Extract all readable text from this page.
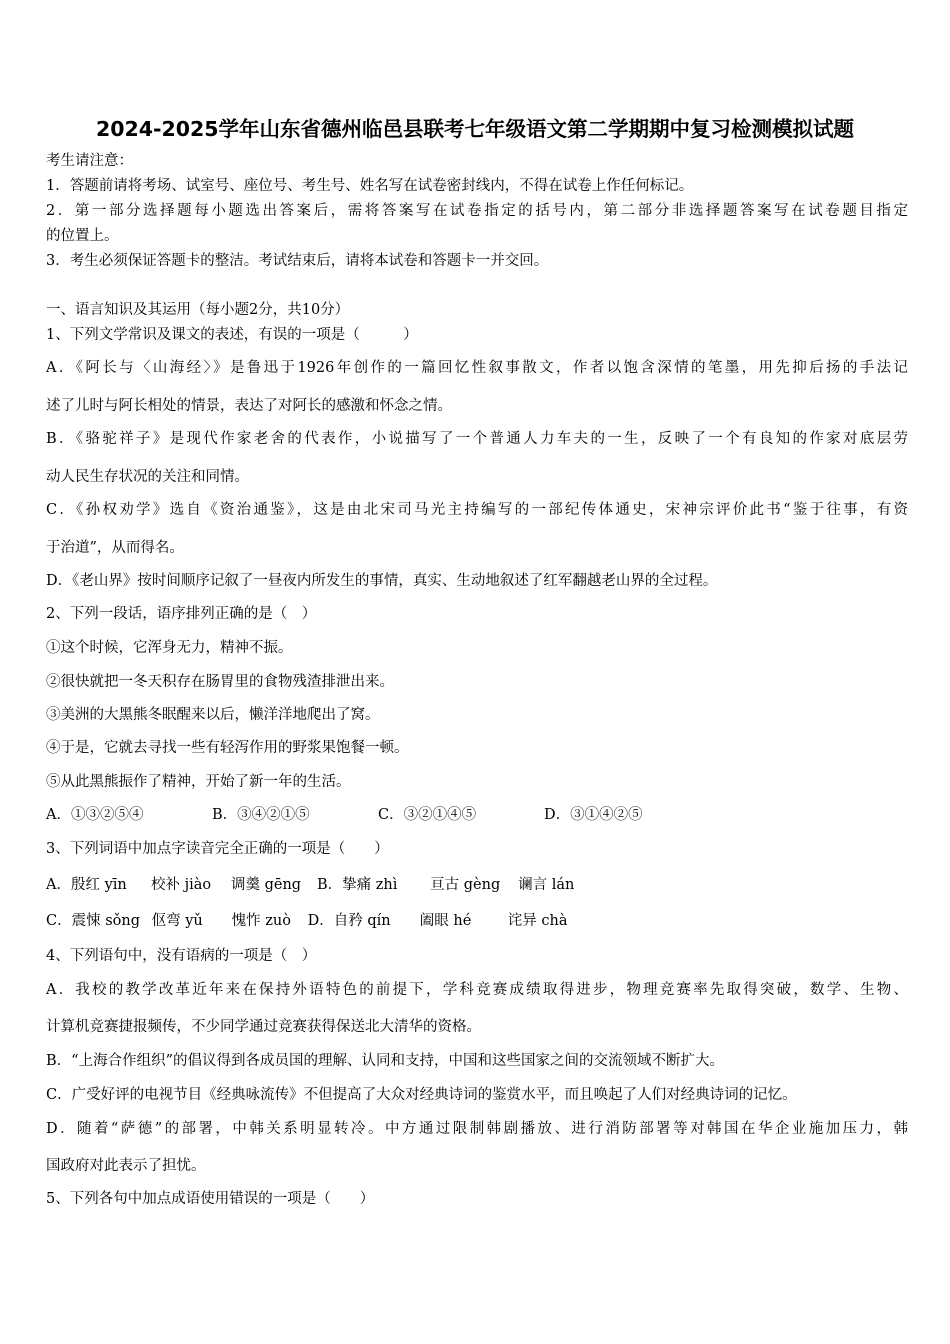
2024-2025学年山东省德州临邑县联考七年级语文第二学期期中复习检测模拟试题
考生请注意：
1．答题前请将考场、试室号、座位号、考生号、姓名写在试卷密封线内，不得在试卷上作任何标记。
2．第一部分选择题每小题选出答案后，需将答案写在试卷指定的括号内，第二部分非选择题答案写在试卷题目指定
的位置上。
3．考生必须保证答题卡的整洁。考试结束后，请将本试卷和答题卡一并交回。
一、语言知识及其运用（每小题2分，共10分）
1、下列文学常识及课文的表述，有误的一项是（　　　）
A．《阿长与〈山海经〉》是鲁迅于1926年创作的一篇回忆性叙事散文，作者以饱含深情的笔墨，用先抑后扬的手法记
述了儿时与阿长相处的情景，表达了对阿长的感激和怀念之情。
B．《骆驼祥子》是现代作家老舍的代表作，小说描写了一个普通人力车夫的一生，反映了一个有良知的作家对底层劳
动人民生存状况的关注和同情。
C．《孙权劝学》选自《资治通鉴》，这是由北宋司马光主持编写的一部纪传体通史，宋神宗评价此书“鉴于往事，有资
于治道”，从而得名。
D．《老山界》按时间顺序记叙了一昼夜内所发生的事情，真实、生动地叙述了红军翻越老山界的全过程。
2、下列一段话，语序排列正确的是（　）
①这个时候，它浑身无力，精神不振。
②很快就把一冬天积存在肠胃里的食物残渣排泄出来。
③美洲的大黑熊冬眠醒来以后，懒洋洋地爬出了窝。
④于是，它就去寻找一些有轻泻作用的野浆果饱餐一顿。
⑤从此黑熊振作了精神，开始了新一年的生活。
A．①③②⑤④	B．③④②①⑤	C．③②①④⑤	D．③①④②⑤
3、下列词语中加点字读音完全正确的一项是（　　）
A．殷红 yīn 校补 jiào 调羹 gēng B．挚痛 zhì 亘古 gèng 谰言 lán
C．震悚 sǒng 伛弯 yǔ 愧怍 zuò D．自矜 qín 阖眼 hé	诧异 chà
4、下列语句中，没有语病的一项是（　）
A．我校的教学改革近年来在保持外语特色的前提下，学科竞赛成绩取得进步，物理竞赛率先取得突破，数学、生物、
计算机竞赛捷报频传，不少同学通过竞赛获得保送北大清华的资格。
B．“上海合作组织”的倡议得到各成员国的理解、认同和支持，中国和这些国家之间的交流领域不断扩大。
C．广受好评的电视节目《经典咏流传》不但提高了大众对经典诗词的鉴赏水平，而且唤起了人们对经典诗词的记忆。
D．随着“萨德”的部署，中韩关系明显转冷。中方通过限制韩剧播放、进行消防部署等对韩国在华企业施加压力，韩
国政府对此表示了担忧。
5、下列各句中加点成语使用错误的一项是（　　）
